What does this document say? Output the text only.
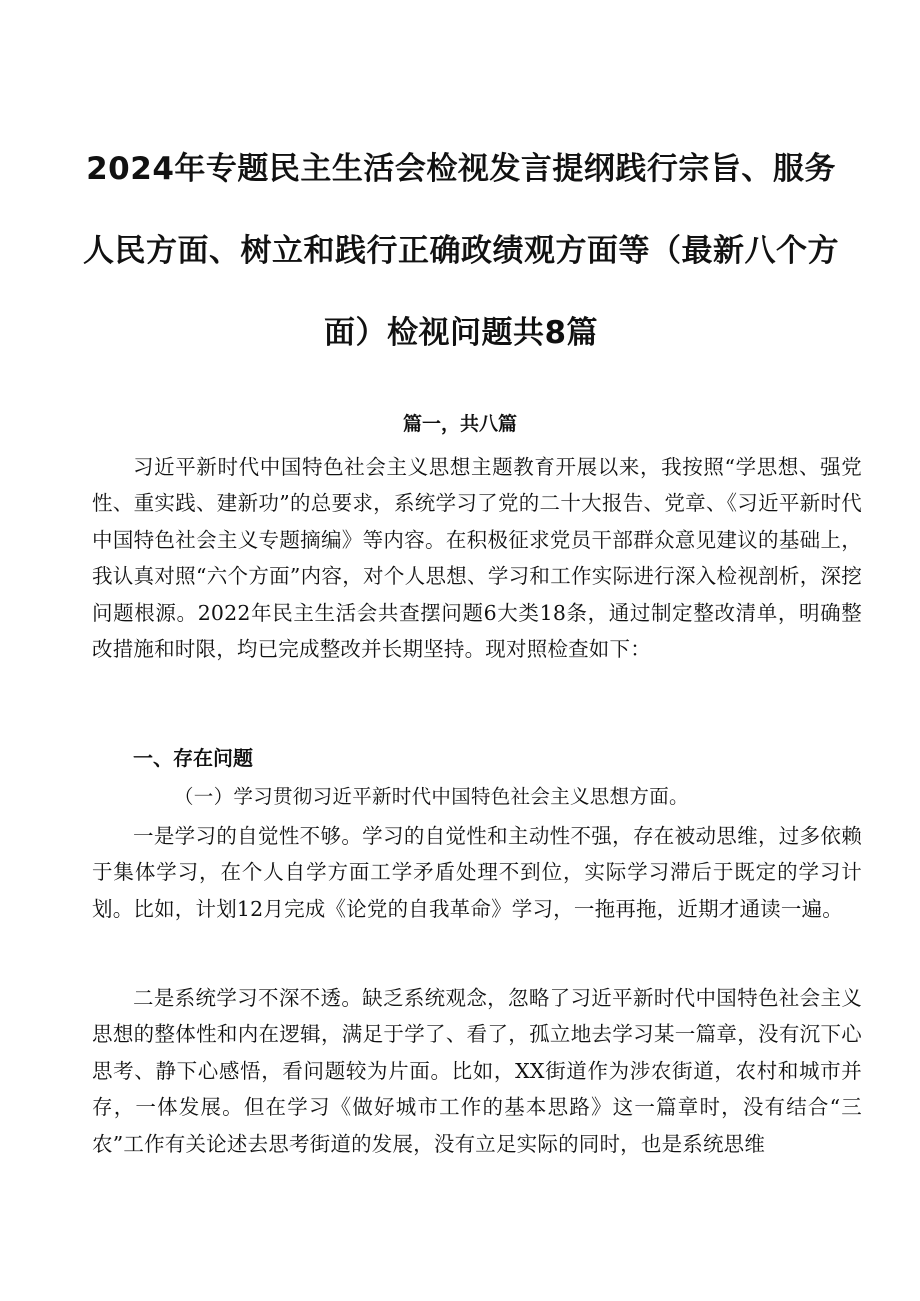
2024年专题民主生活会检视发言提纲践行宗旨、服务
人民方面、树立和践行正确政绩观方面等（最新八个方
面）检视问题共8篇

篇一，共八篇

习近平新时代中国特色社会主义思想主题教育开展以来，我按照“学思想、强党性、重实践、建新功”的总要求，系统学习了党的二十大报告、党章、《习近平新时代中国特色社会主义专题摘编》等内容。在积极征求党员干部群众意见建议的基础上，我认真对照“六个方面”内容，对个人思想、学习和工作实际进行深入检视剖析，深挖问题根源。2022年民主生活会共查摆问题6大类18条，通过制定整改清单，明确整改措施和时限，均已完成整改并长期坚持。现对照检查如下：

一、存在问题

（一）学习贯彻习近平新时代中国特色社会主义思想方面。

一是学习的自觉性不够。学习的自觉性和主动性不强，存在被动思维，过多依赖于集体学习，在个人自学方面工学矛盾处理不到位，实际学习滞后于既定的学习计划。比如，计划12月完成《论党的自我革命》学习，一拖再拖，近期才通读一遍。

二是系统学习不深不透。缺乏系统观念，忽略了习近平新时代中国特色社会主义思想的整体性和内在逻辑，满足于学了、看了，孤立地去学习某一篇章，没有沉下心思考、静下心感悟，看问题较为片面。比如，XX街道作为涉农街道，农村和城市并存，一体发展。但在学习《做好城市工作的基本思路》这一篇章时，没有结合“三农”工作有关论述去思考街道的发展，没有立足实际的同时，也是系统思维
